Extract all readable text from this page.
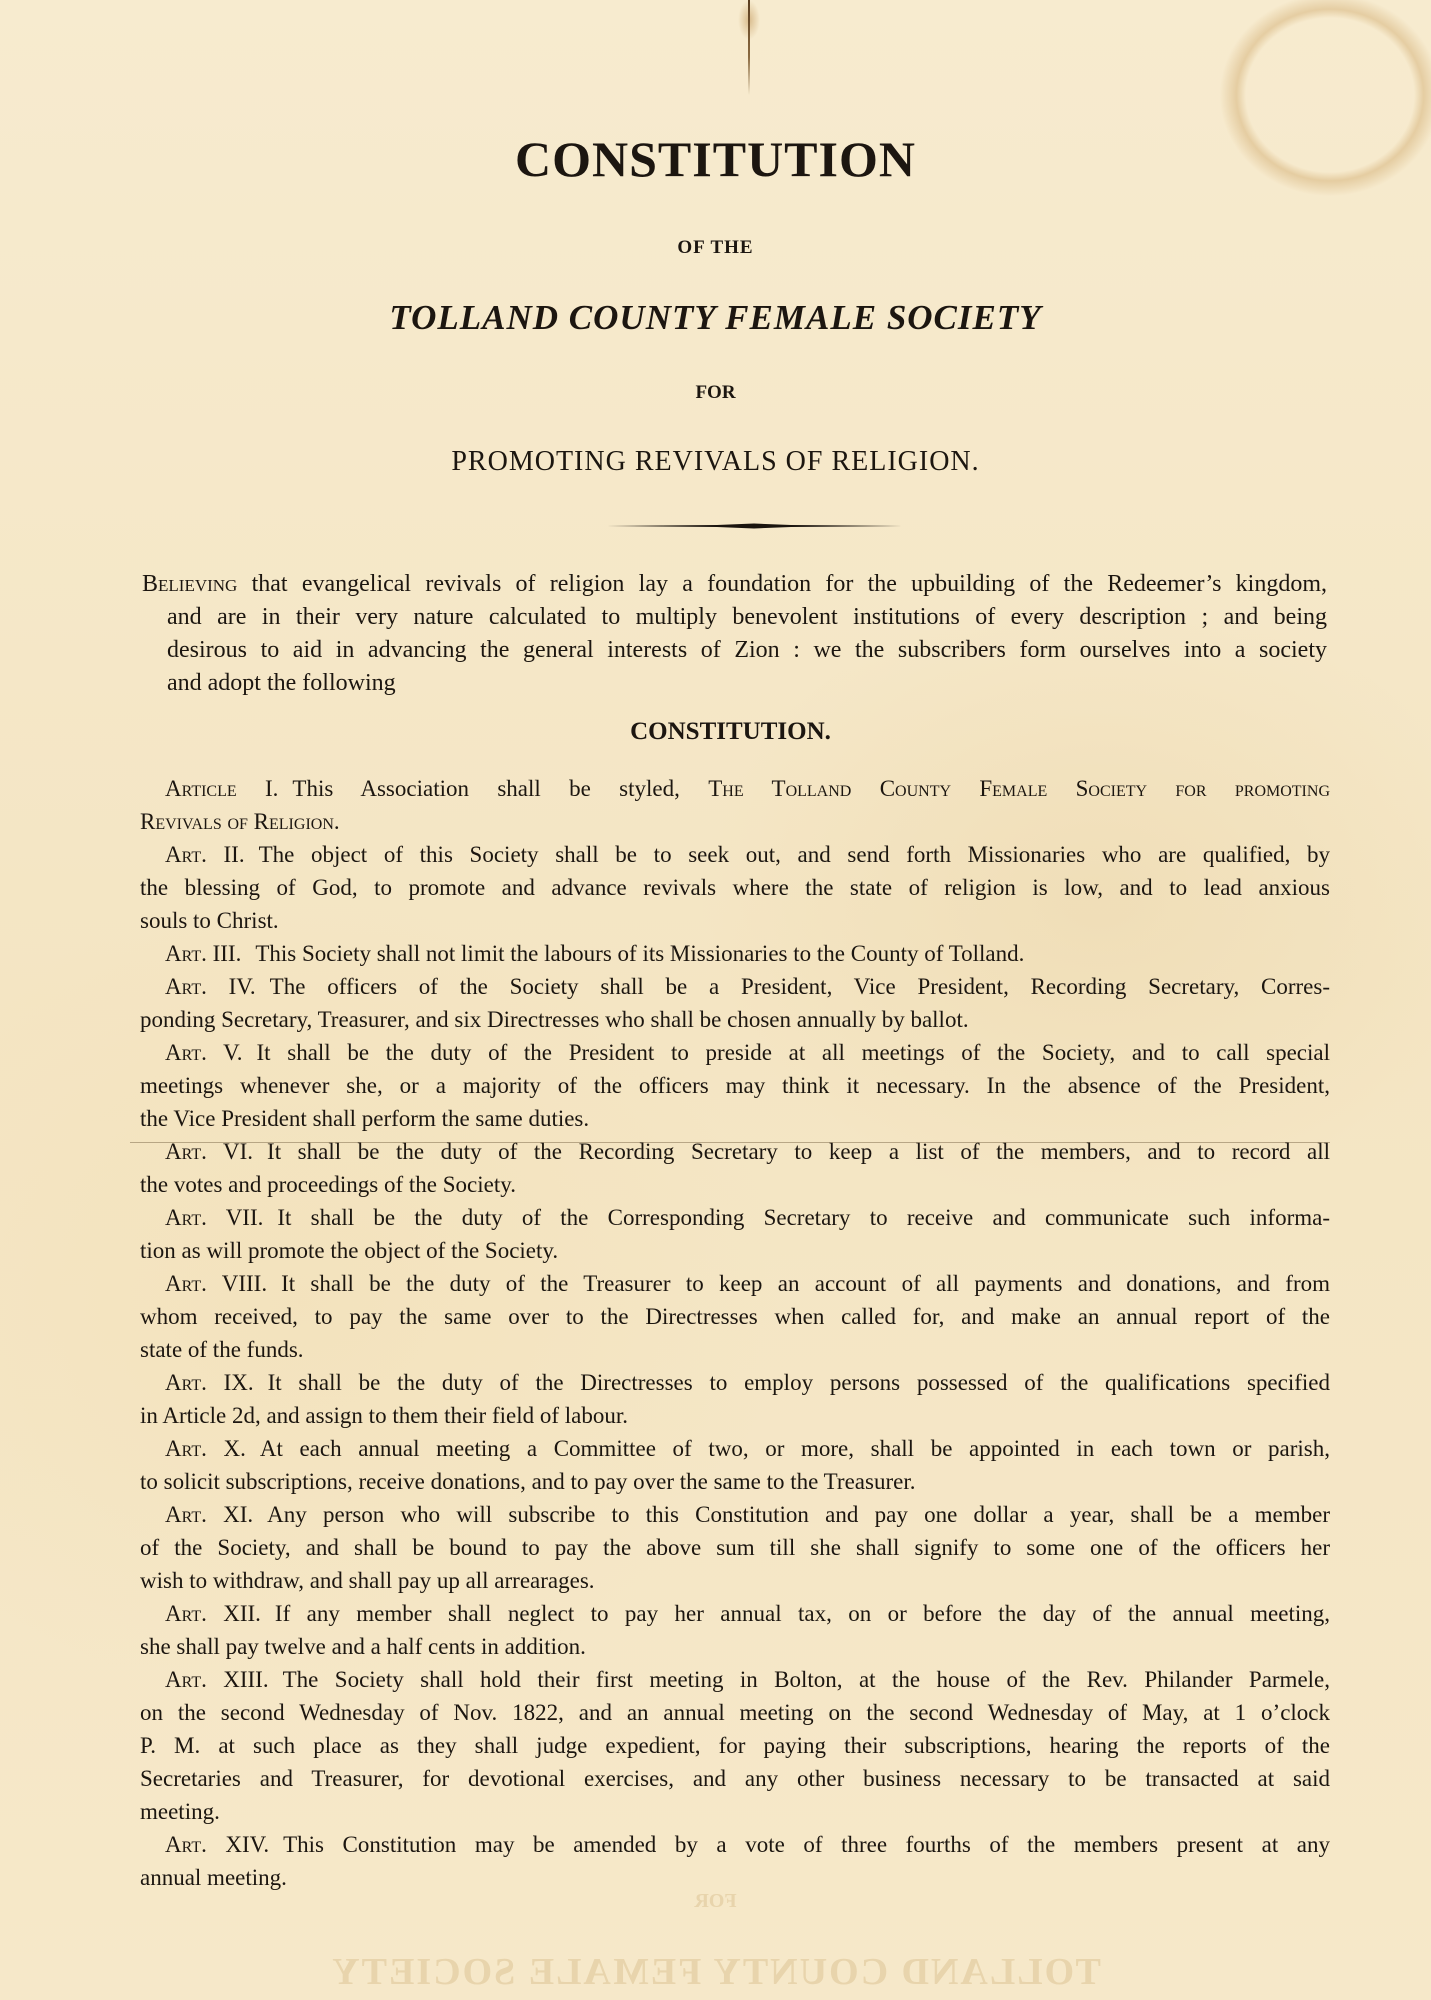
FOR
TOLLAND COUNTY FEMALE SOCIETY
CONSTITUTION
OF THE
TOLLAND COUNTY FEMALE SOCIETY
FOR
PROMOTING REVIVALS OF RELIGION.
Believing that evangelical revivals of religion lay a foundation for the upbuilding of the Redeemer’s kingdom,
and are in their very nature calculated to multiply benevolent institutions of every description ; and being
desirous to aid in advancing the general interests of Zion : we the subscribers form ourselves into a society
and adopt the following
CONSTITUTION.
Article I. This Association shall be styled, The Tolland County Female Society for promoting
Revivals of Religion.
Art. II. The object of this Society shall be to seek out, and send forth Missionaries who are qualified, by
the blessing of God, to promote and advance revivals where the state of religion is low, and to lead anxious
souls to Christ.
Art. III. This Society shall not limit the labours of its Missionaries to the County of Tolland.
Art. IV. The officers of the Society shall be a President, Vice President, Recording Secretary, Corres-
ponding Secretary, Treasurer, and six Directresses who shall be chosen annually by ballot.
Art. V. It shall be the duty of the President to preside at all meetings of the Society, and to call special
meetings whenever she, or a majority of the officers may think it necessary. In the absence of the President,
the Vice President shall perform the same duties.
Art. VI. It shall be the duty of the Recording Secretary to keep a list of the members, and to record all
the votes and proceedings of the Society.
Art. VII. It shall be the duty of the Corresponding Secretary to receive and communicate such informa-
tion as will promote the object of the Society.
Art. VIII. It shall be the duty of the Treasurer to keep an account of all payments and donations, and from
whom received, to pay the same over to the Directresses when called for, and make an annual report of the
state of the funds.
Art. IX. It shall be the duty of the Directresses to employ persons possessed of the qualifications specified
in Article 2d, and assign to them their field of labour.
Art. X. At each annual meeting a Committee of two, or more, shall be appointed in each town or parish,
to solicit subscriptions, receive donations, and to pay over the same to the Treasurer.
Art. XI. Any person who will subscribe to this Constitution and pay one dollar a year, shall be a member
of the Society, and shall be bound to pay the above sum till she shall signify to some one of the officers her
wish to withdraw, and shall pay up all arrearages.
Art. XII. If any member shall neglect to pay her annual tax, on or before the day of the annual meeting,
she shall pay twelve and a half cents in addition.
Art. XIII. The Society shall hold their first meeting in Bolton, at the house of the Rev. Philander Parmele,
on the second Wednesday of Nov. 1822, and an annual meeting on the second Wednesday of May, at 1 o’clock
P. M. at such place as they shall judge expedient, for paying their subscriptions, hearing the reports of the
Secretaries and Treasurer, for devotional exercises, and any other business necessary to be transacted at said
meeting.
Art. XIV. This Constitution may be amended by a vote of three fourths of the members present at any
annual meeting.
